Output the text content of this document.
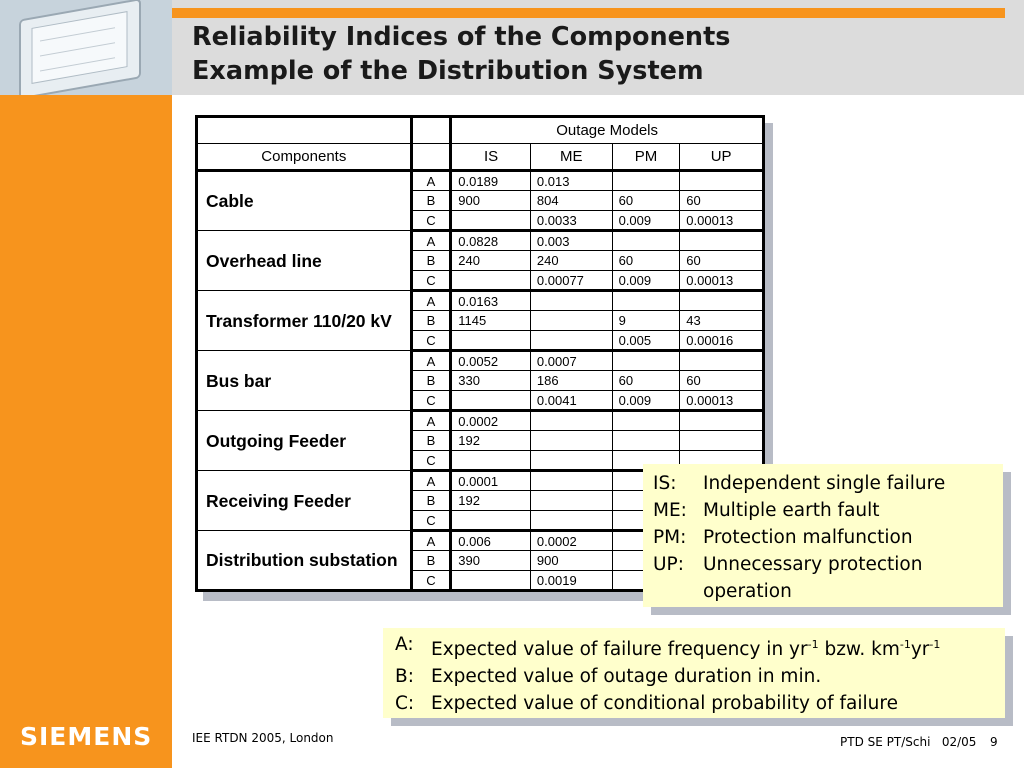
Reliability Indices of the Components
Example of the Distribution System
		Outage Models			
Components		IS	ME	PM	UP
Cable	A	0.0189	0.013		
	B	900	804	60	60
	C		0.0033	0.009	0.00013
Overhead line	A	0.0828	0.003		
	B	240	240	60	60
	C		0.00077	0.009	0.00013
Transformer 110/20 kV	A	0.0163			
	B	1145		9	43
	C			0.005	0.00016
Bus bar	A	0.0052	0.0007		
	B	330	186	60	60
	C		0.0041	0.009	0.00013
Outgoing Feeder	A	0.0002			
	B	192			
	C				
Receiving Feeder	A	0.0001			
	B	192			
	C				
Distribution substation	A	0.006	0.0002		
	B	390	900		
	C		0.0019		
IS:	Independent single failure
ME: Multiple earth fault
PM: Protection malfunction
UP:	Unnecessary protection operation
A: Expected value of failure frequency in $yr^{-1}$ bzw. $km^{-1}yr^{-1}$
B: Expected value of outage duration in min.
C: Expected value of conditional probability of failure
SIEMENS	IEE RTDN 2005, London	PTD SE PT/Schi   02/05 9
